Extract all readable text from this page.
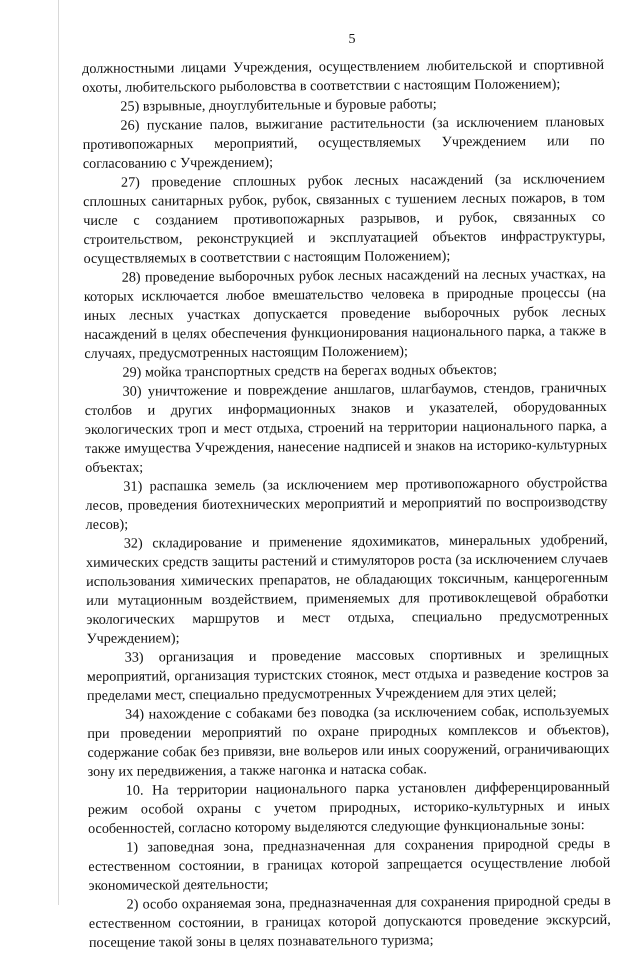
5

должностными лицами Учреждения, осуществлением любительской и спортивной охоты, любительского рыболовства в соответствии с настоящим Положением);

25) взрывные, дноуглубительные и буровые работы;

26) пускание палов, выжигание растительности (за исключением плановых противопожарных мероприятий, осуществляемых Учреждением или по согласованию с Учреждением);

27) проведение сплошных рубок лесных насаждений (за исключением сплошных санитарных рубок, рубок, связанных с тушением лесных пожаров, в том числе с созданием противопожарных разрывов, и рубок, связанных со строительством, реконструкцией и эксплуатацией объектов инфраструктуры, осуществляемых в соответствии с настоящим Положением);

28) проведение выборочных рубок лесных насаждений на лесных участках, на которых исключается любое вмешательство человека в природные процессы (на иных лесных участках допускается проведение выборочных рубок лесных насаждений в целях обеспечения функционирования национального парка, а также в случаях, предусмотренных настоящим Положением);

29) мойка транспортных средств на берегах водных объектов;

30) уничтожение и повреждение аншлагов, шлагбаумов, стендов, граничных столбов и других информационных знаков и указателей, оборудованных экологических троп и мест отдыха, строений на территории национального парка, а также имущества Учреждения, нанесение надписей и знаков на историко-культурных объектах;

31) распашка земель (за исключением мер противопожарного обустройства лесов, проведения биотехнических мероприятий и мероприятий по воспроизводству лесов);

32) складирование и применение ядохимикатов, минеральных удобрений, химических средств защиты растений и стимуляторов роста (за исключением случаев использования химических препаратов, не обладающих токсичным, канцерогенным или мутационным воздействием, применяемых для противоклещевой обработки экологических маршрутов и мест отдыха, специально предусмотренных Учреждением);

33) организация и проведение массовых спортивных и зрелищных мероприятий, организация туристских стоянок, мест отдыха и разведение костров за пределами мест, специально предусмотренных Учреждением для этих целей;

34) нахождение с собаками без поводка (за исключением собак, используемых при проведении мероприятий по охране природных комплексов и объектов), содержание собак без привязи, вне вольеров или иных сооружений, ограничивающих зону их передвижения, а также нагонка и натаска собак.

10. На территории национального парка установлен дифференцированный режим особой охраны с учетом природных, историко-культурных и иных особенностей, согласно которому выделяются следующие функциональные зоны:

1) заповедная зона, предназначенная для сохранения природной среды в естественном состоянии, в границах которой запрещается осуществление любой экономической деятельности;

2) особо охраняемая зона, предназначенная для сохранения природной среды в естественном состоянии, в границах которой допускаются проведение экскурсий, посещение такой зоны в целях познавательного туризма;
